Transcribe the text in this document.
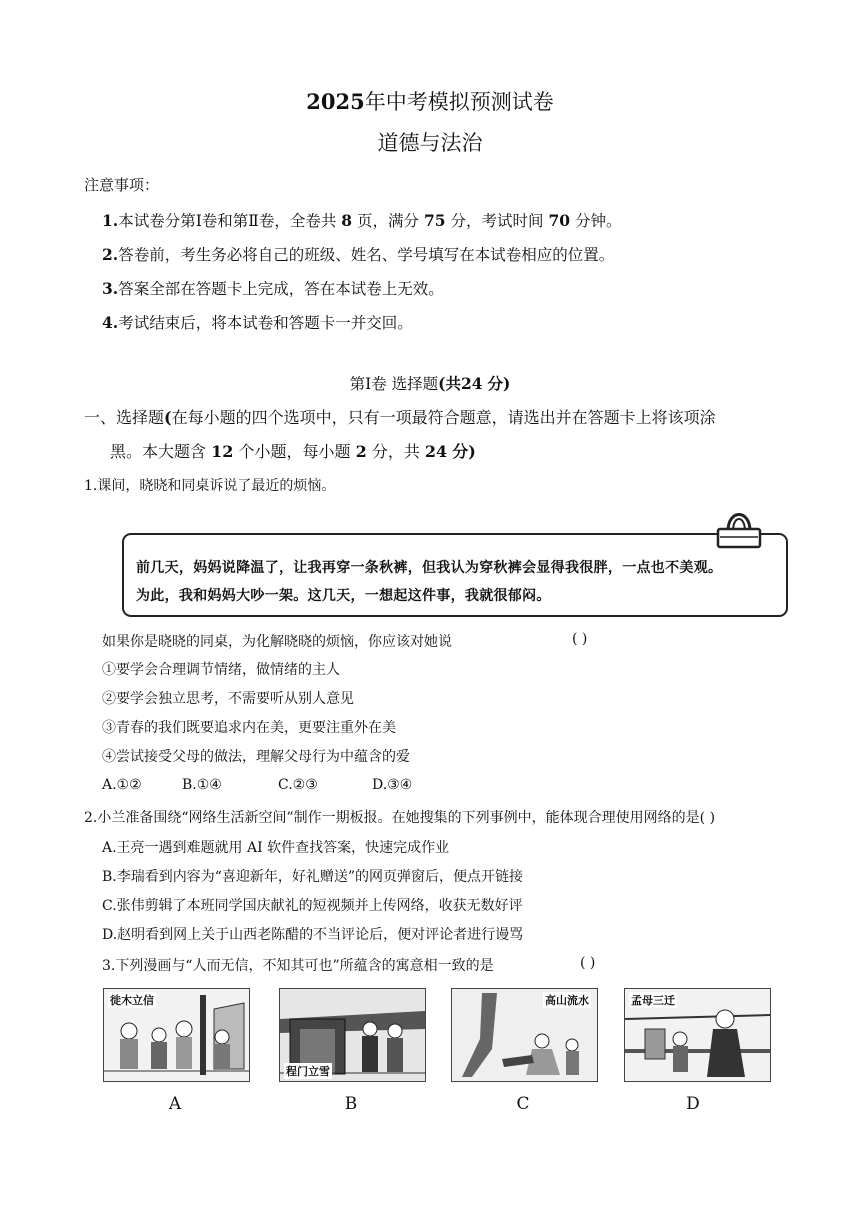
2025年中考模拟预测试卷
道德与法治
注意事项：
1.本试卷分第Ⅰ卷和第Ⅱ卷，全卷共 8 页，满分 75 分，考试时间 70 分钟。
2.答卷前，考生务必将自己的班级、姓名、学号填写在本试卷相应的位置。
3.答案全部在答题卡上完成，答在本试卷上无效。
4.考试结束后，将本试卷和答题卡一并交回。
第Ⅰ卷 选择题(共24 分)
一、选择题(在每小题的四个选项中，只有一项最符合题意，请选出并在答题卡上将该项涂
黑。本大题含 12 个小题，每小题 2 分，共 24 分)
1.课间，晓晓和同桌诉说了最近的烦恼。
前几天，妈妈说降温了，让我再穿一条秋裤，但我认为穿秋裤会显得我很胖，一点也不美观。
为此，我和妈妈大吵一架。这几天，一想起这件事，我就很郁闷。
如果你是晓晓的同桌，为化解晓晓的烦恼，你应该对她说	( )
①要学会合理调节情绪，做情绪的主人
②要学会独立思考，不需要听从别人意见
③青春的我们既要追求内在美，更要注重外在美
④尝试接受父母的做法，理解父母行为中蕴含的爱
A.①②	B.①④	C.②③	D.③④
2.小兰准备围绕“网络生活新空间”制作一期板报。在她搜集的下列事例中，能体现合理使用网络的是( )
A.王亮一遇到难题就用 AI 软件查找答案，快速完成作业
B.李瑞看到内容为“喜迎新年，好礼赠送”的网页弹窗后，便点开链接
C.张伟剪辑了本班同学国庆献礼的短视频并上传网络，收获无数好评
D.赵明看到网上关于山西老陈醋的不当评论后，便对评论者进行谩骂
3.下列漫画与“人而无信，不知其可也”所蕴含的寓意相一致的是	( )
徙木立信
A
程门立雪
B
高山流水
C
孟母三迁
D
